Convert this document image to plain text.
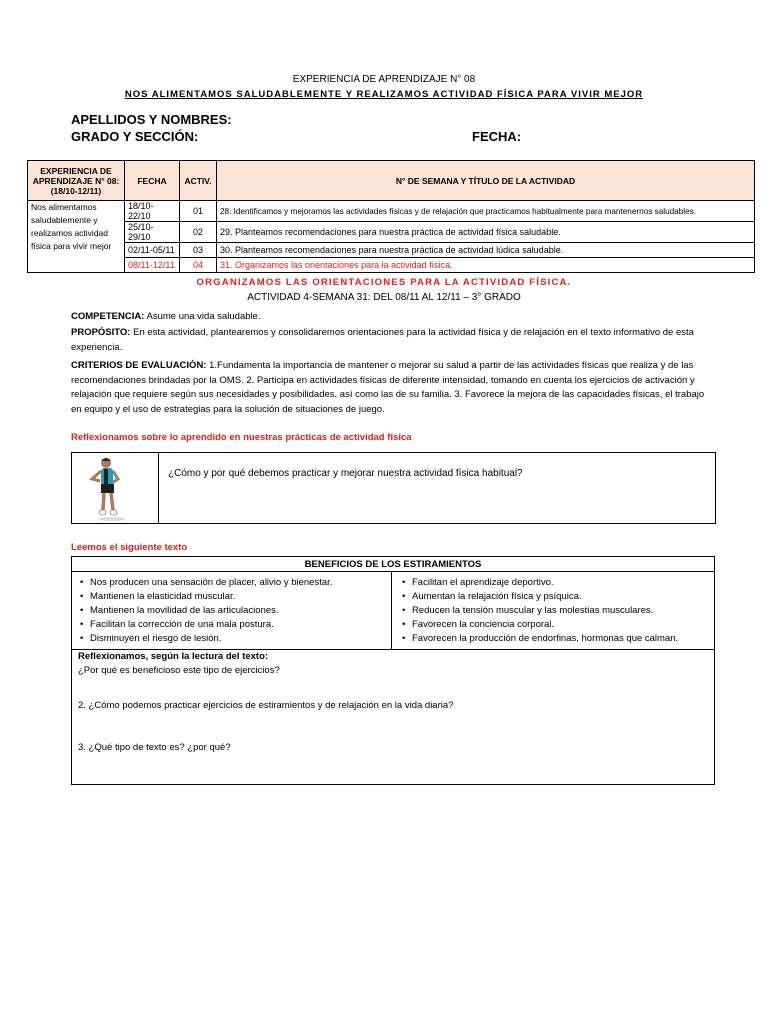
EXPERIENCIA DE APRENDIZAJE N° 08
NOS ALIMENTAMOS SALUDABLEMENTE Y REALIZAMOS ACTIVIDAD FÍSICA PARA VIVIR MEJOR
APELLIDOS Y NOMBRES:
GRADO Y SECCIÓN:	FECHA:
EXPERIENCIA DE APRENDIZAJE N° 08: (18/10-12/11)	FECHA	ACTIV.	N° DE SEMANA Y TÍTULO DE LA ACTIVIDAD
Nos alimentamos saludablemente y realizamos actividad física para vivir mejor	18/10-22/10	01	28. Identificamos y mejoramos las actividades físicas y de relajación que practicamos habitualmente para mantenernos saludables.
	25/10-29/10	02	29. Planteamos recomendaciones para nuestra práctica de actividad física saludable.
	02/11-05/11	03	30. Planteamos recomendaciones para nuestra práctica de actividad lúdica saludable.
	08/11-12/11	04	31. Organizamos las orientaciones para la actividad física.
ORGANIZAMOS LAS ORIENTACIONES PARA LA ACTIVIDAD FÍSICA.
ACTIVIDAD 4-SEMANA 31: DEL 08/11 AL 12/11 – 3° GRADO
COMPETENCIA: Asume una vida saludable.
PROPÓSITO: En esta actividad, plantearemos y consolidaremos orientaciones para la actividad física y de relajación en el texto informativo de esta experiencia.
CRITERIOS DE EVALUACIÓN: 1.Fundamenta la importancia de mantener o mejorar su salud a partir de las actividades físicas que realiza y de las recomendaciones brindadas por la OMS. 2. Participa en actividades físicas de diferente intensidad, tomando en cuenta los ejercicios de activación y relajación que requiere según sus necesidades y posibilidades, así como las de su familia. 3. Favorece la mejora de las capacidades físicas, el trabajo en equipo y el uso de estrategias para la solución de situaciones de juego.
Reflexionamos sobre lo aprendido en nuestras prácticas de actividad física
¿Cómo y por qué debemos practicar y mejorar nuestra actividad física habitual?
Leemos el siguiente texto
BENEFICIOS DE LOS ESTIRAMIENTOS

• Nos producen una sensación de placer, alivio y bienestar.
• Mantienen la elasticidad muscular.
• Mantienen la movilidad de las articulaciones.
• Facilitan la corrección de una mala postura.
• Disminuyen el riesgo de lesión.

• Facilitan el aprendizaje deportivo.
• Aumentan la relajación física y psíquica.
• Reducen la tensión muscular y las molestias musculares.
• Favorecen la conciencia corporal.
• Favorecen la producción de endorfinas, hormonas que calman.

Reflexionamos, según la lectura del texto:
¿Por qué es beneficioso este tipo de ejercicios?
2. ¿Cómo podemos practicar ejercicios de estiramientos y de relajación en la vida diaria?
3. ¿Qué tipo de texto es? ¿por qué?
